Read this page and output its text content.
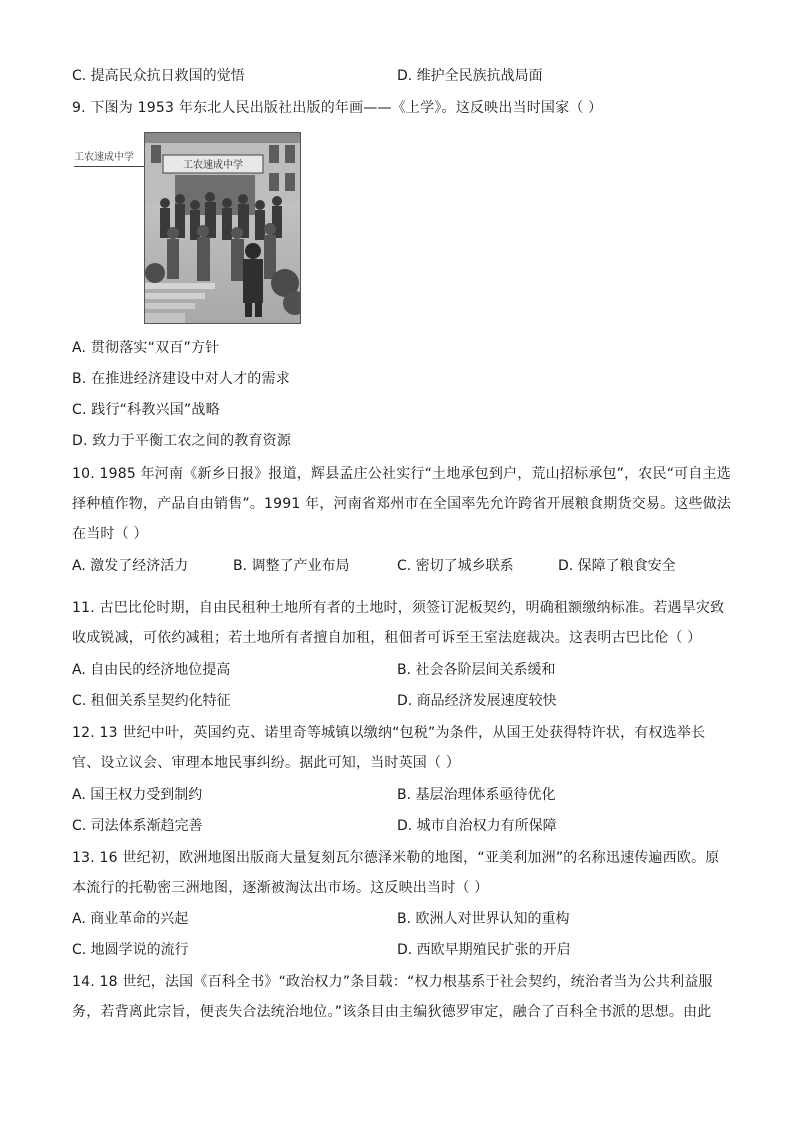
C. 提高民众抗日救国的觉悟	D. 维护全民族抗战局面
9. 下图为 1953 年东北人民出版社出版的年画——《上学》。这反映出当时国家（ ）
工农速成中学
工农速成中学
A. 贯彻落实“双百”方针
B. 在推进经济建设中对人才的需求
C. 践行“科教兴国”战略
D. 致力于平衡工农之间的教育资源
10. 1985 年河南《新乡日报》报道，辉县孟庄公社实行“土地承包到户，荒山招标承包”，农民“可自主选
择种植作物，产品自由销售”。1991 年，河南省郑州市在全国率先允许跨省开展粮食期货交易。这些做法
在当时（ ）
A. 激发了经济活力	B. 调整了产业布局	C. 密切了城乡联系	D. 保障了粮食安全
11. 古巴比伦时期，自由民租种土地所有者的土地时，须签订泥板契约，明确租额缴纳标准。若遇旱灾致
收成锐减，可依约减租；若土地所有者擅自加租，租佃者可诉至王室法庭裁决。这表明古巴比伦（ ）
A. 自由民的经济地位提高	B. 社会各阶层间关系缓和
C. 租佃关系呈契约化特征	D. 商品经济发展速度较快
12. 13 世纪中叶，英国约克、诺里奇等城镇以缴纳“包税”为条件，从国王处获得特许状，有权选举长
官、设立议会、审理本地民事纠纷。据此可知，当时英国（ ）
A. 国王权力受到制约	B. 基层治理体系亟待优化
C. 司法体系渐趋完善	D. 城市自治权力有所保障
13. 16 世纪初，欧洲地图出版商大量复刻瓦尔德泽米勒的地图，“亚美利加洲”的名称迅速传遍西欧。原
本流行的托勒密三洲地图，逐渐被淘汰出市场。这反映出当时（ ）
A. 商业革命的兴起	B. 欧洲人对世界认知的重构
C. 地圆学说的流行	D. 西欧早期殖民扩张的开启
14. 18 世纪，法国《百科全书》“政治权力”条目载：“权力根基系于社会契约，统治者当为公共利益服
务，若背离此宗旨，便丧失合法统治地位。”该条目由主编狄德罗审定，融合了百科全书派的思想。由此
